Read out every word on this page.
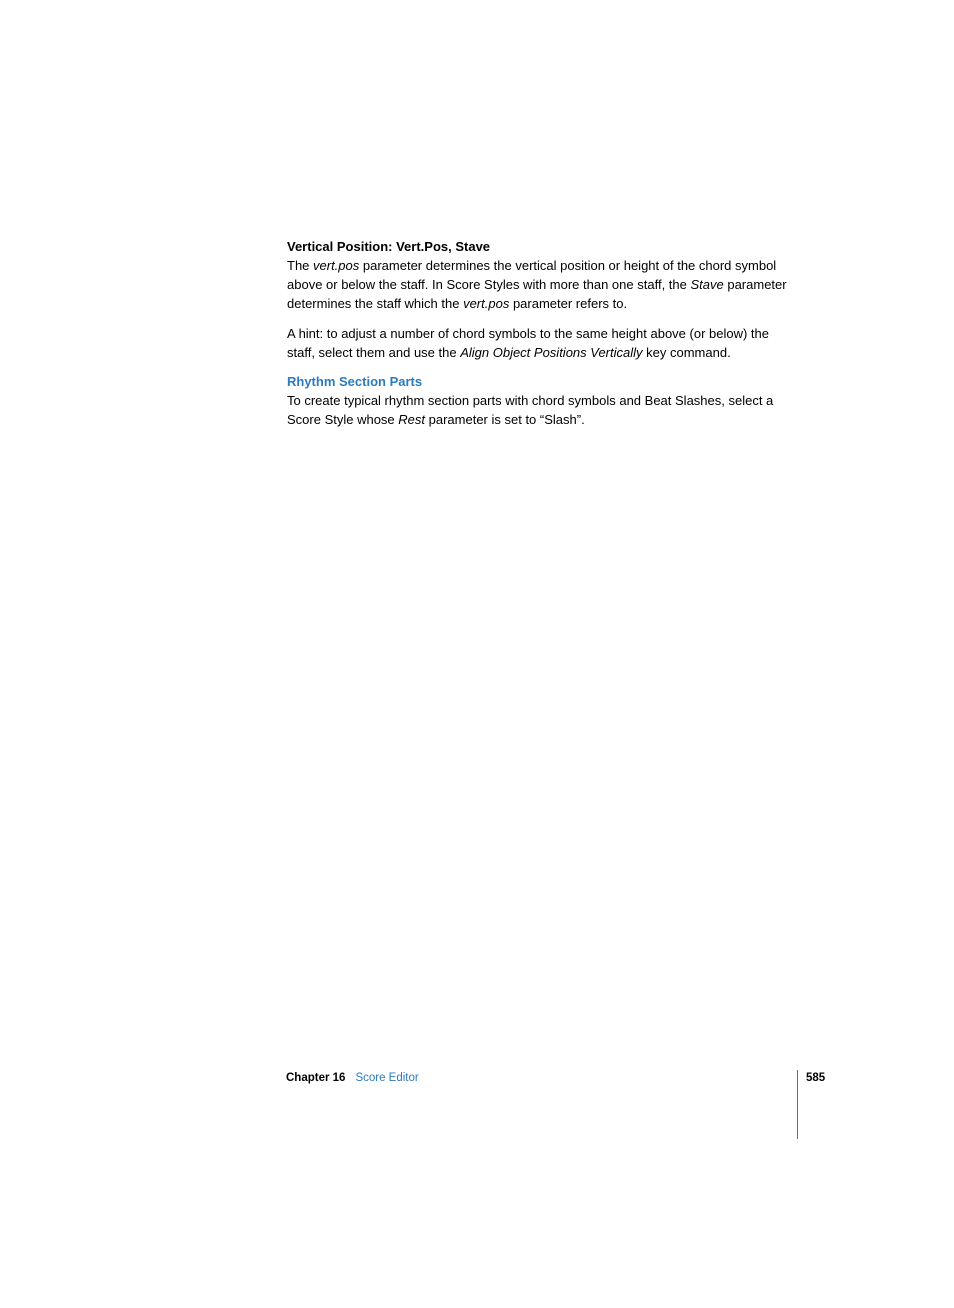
Vertical Position: Vert.Pos, Stave

The vert.pos parameter determines the vertical position or height of the chord symbol above or below the staff. In Score Styles with more than one staff, the Stave parameter determines the staff which the vert.pos parameter refers to.

A hint: to adjust a number of chord symbols to the same height above (or below) the staff, select them and use the Align Object Positions Vertically key command.

Rhythm Section Parts

To create typical rhythm section parts with chord symbols and Beat Slashes, select a Score Style whose Rest parameter is set to “Slash”.

Chapter 16 Score Editor	585
